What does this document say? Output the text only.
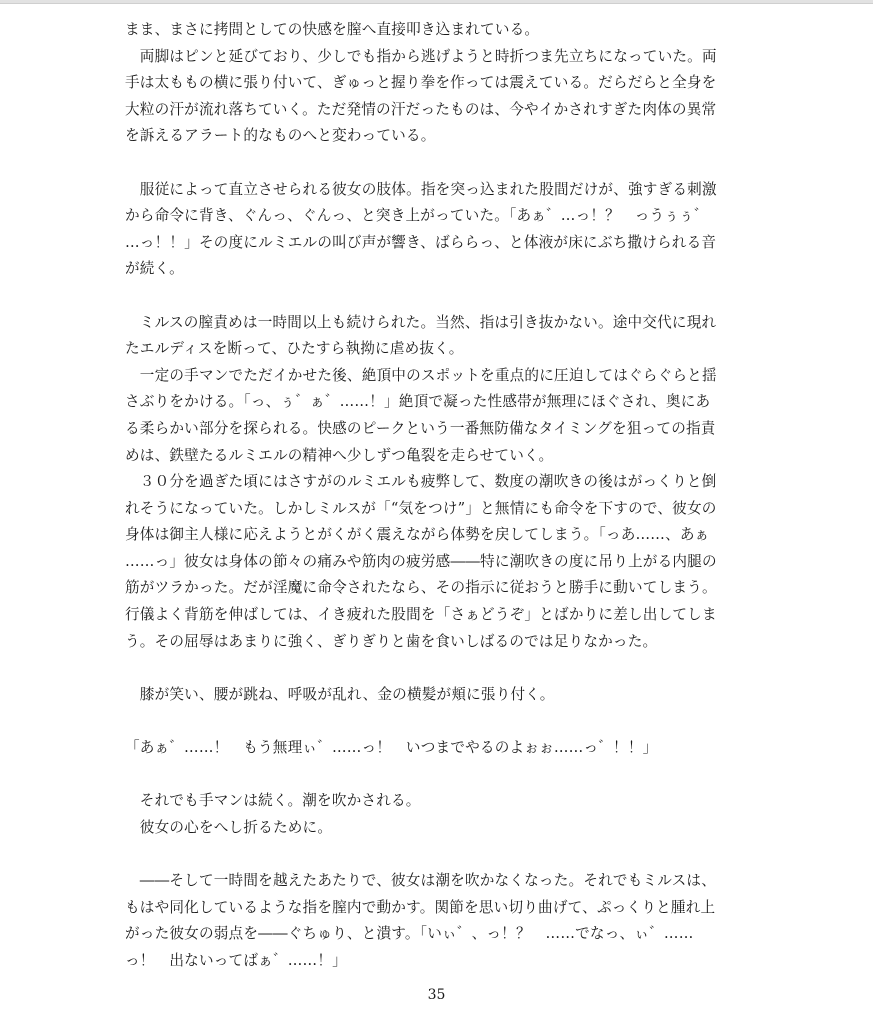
まま、まさに拷問としての快感を膣へ直接叩き込まれている。
　両脚はピンと延びており、少しでも指から逃げようと時折つま先立ちになっていた。両
手は太ももの横に張り付いて、ぎゅっと握り拳を作っては震えている。だらだらと全身を
大粒の汗が流れ落ちていく。ただ発情の汗だったものは、今やイかされすぎた肉体の異常
を訴えるアラート的なものへと変わっている。
　服従によって直立させられる彼女の肢体。指を突っ込まれた股間だけが、強すぎる刺激
から命令に背き、ぐんっ、ぐんっ、と突き上がっていた。「あぁ゛…っ！？　っうぅぅ゛
…っ！！」その度にルミエルの叫び声が響き、ばららっ、と体液が床にぶち撒けられる音
が続く。
　ミルスの膣責めは一時間以上も続けられた。当然、指は引き抜かない。途中交代に現れ
たエルディスを断って、ひたすら執拗に虐め抜く。
　一定の手マンでただイかせた後、絶頂中のスポットを重点的に圧迫してはぐらぐらと揺
さぶりをかける。「っ、ぅ゛ぁ゛……！」絶頂で凝った性感帯が無理にほぐされ、奥にあ
る柔らかい部分を探られる。快感のピークという一番無防備なタイミングを狙っての指責
めは、鉄壁たるルミエルの精神へ少しずつ亀裂を走らせていく。
　３０分を過ぎた頃にはさすがのルミエルも疲弊して、数度の潮吹きの後はがっくりと倒
れそうになっていた。しかしミルスが「“気をつけ”」と無情にも命令を下すので、彼女の
身体は御主人様に応えようとがくがく震えながら体勢を戻してしまう。「っあ……、あぁ
……っ」彼女は身体の節々の痛みや筋肉の疲労感――特に潮吹きの度に吊り上がる内腿の
筋がツラかった。だが淫魔に命令されたなら、その指示に従おうと勝手に動いてしまう。
行儀よく背筋を伸ばしては、イき疲れた股間を「さぁどうぞ」とばかりに差し出してしま
う。その屈辱はあまりに強く、ぎりぎりと歯を食いしばるのでは足りなかった。
　膝が笑い、腰が跳ね、呼吸が乱れ、金の横髪が頬に張り付く。
「あぁ゛……！　もう無理ぃ゛……っ！　いつまでやるのよぉぉ……っ゛！！」
　それでも手マンは続く。潮を吹かされる。
　彼女の心をへし折るために。
　――そして一時間を越えたあたりで、彼女は潮を吹かなくなった。それでもミルスは、
もはや同化しているような指を膣内で動かす。関節を思い切り曲げて、ぷっくりと腫れ上
がった彼女の弱点を――ぐちゅり、と潰す。「いぃ゛、っ！？　……でなっ、ぃ゛……
っ！　出ないってばぁ゛……！」
35
